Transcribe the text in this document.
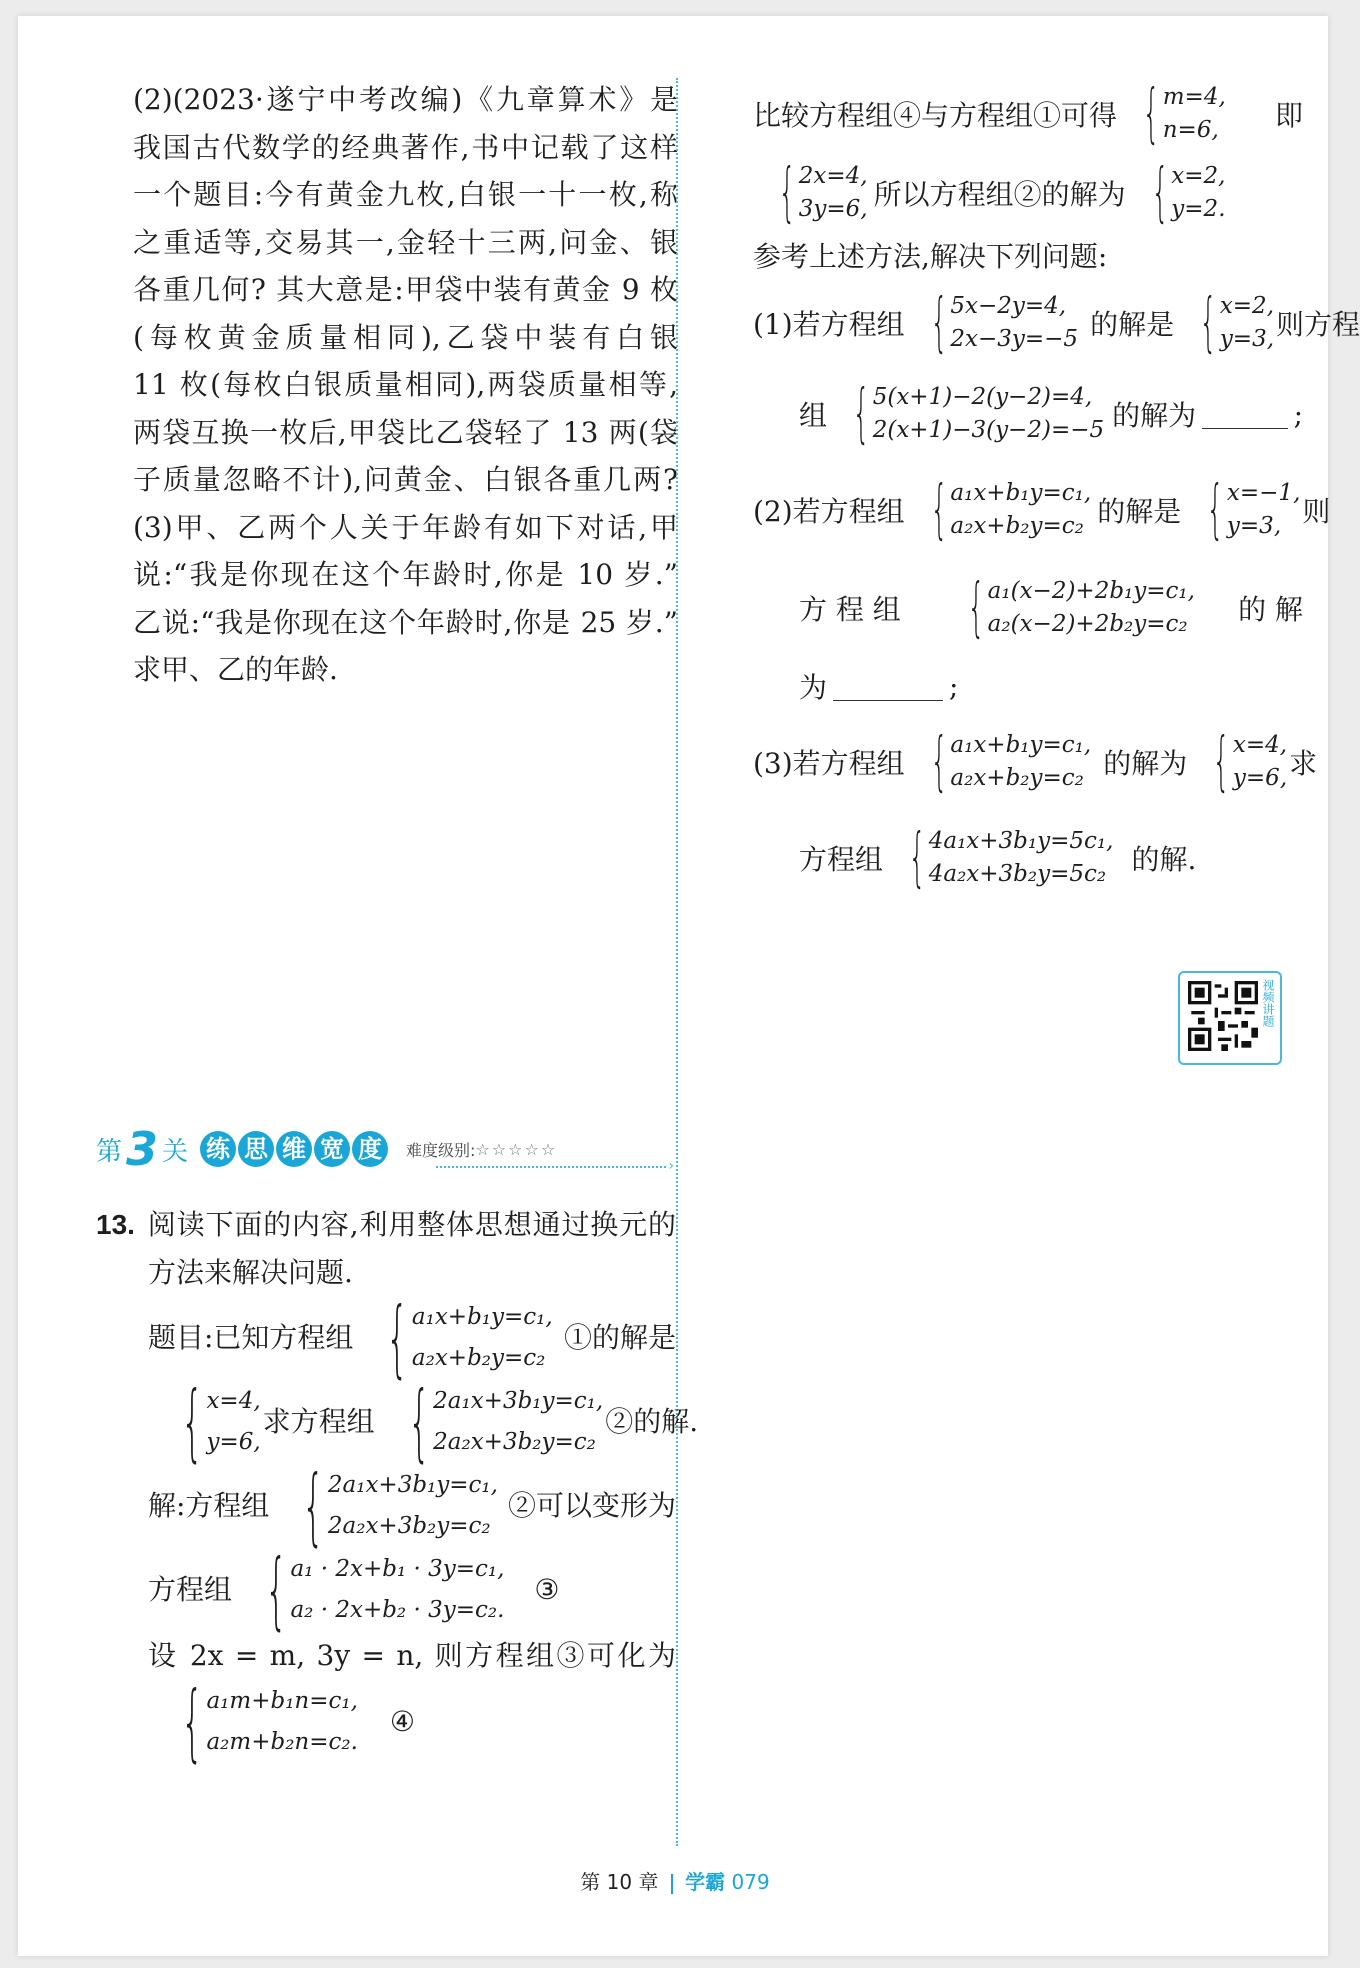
(2)(2023·遂宁中考改编)《九章算术》是

我国古代数学的经典著作,书中记载了这样

一个题目:今有黄金九枚,白银一十一枚,称

之重适等,交易其一,金轻十三两,问金、银

各重几何? 其大意是:甲袋中装有黄金 9 枚

(每枚黄金质量相同),乙袋中装有白银

11 枚(每枚白银质量相同),两袋质量相等,

两袋互换一枚后,甲袋比乙袋轻了 13 两(袋

子质量忽略不计),问黄金、白银各重几两?

(3)甲、乙两个人关于年龄有如下对话,甲

说:“我是你现在这个年龄时,你是 10 岁.”

乙说:“我是你现在这个年龄时,你是 25 岁.”

求甲、乙的年龄.

第 3 关 练 思 维 宽 度	难度级别: ☆☆☆☆☆
›

13. 阅读下面的内容,利用整体思想通过换元的

方法来解决问题.

题目:已知方程组 { a₁x+b₁y=c₁,
a₂x+b₂y=c₂
①的解是
{ x=4,
y=6,
求方程组 { 2a₁x+3b₁y=c₁,
2a₂x+3b₂y=c₂
②的解.
解:方程组 { 2a₁x+3b₁y=c₁,
2a₂x+3b₂y=c₂
②可以变形为
方程组 { a₁ · 2x+b₁ · 3y=c₁,
a₂ · 2x+b₂ · 3y=c₂.
③

设 2x = m, 3y = n, 则方程组③可化为

{ a₁m+b₁n=c₁,
a₂m+b₂n=c₂.
④
比较方程组④与方程组①可得 { m=4,
n=6, 即
{ 2x=4,
3y=6, 所以方程组②的解为 { x=2,
y=2.

参考上述方法,解决下列问题:

(1)若方程组 { 5x−2y=4,
2x−3y=−5 的解是 { x=2,
y=3, 则方程
组 { 5(x+1)−2(y−2)=4,
2(x+1)−3(y−2)=−5 的解为	;
(2)若方程组 { a₁x+b₁y=c₁,
a₂x+b₂y=c₂ 的解是 { x=−1,
y=3, 则
方 程 组 { a₁(x−2)+2b₁y=c₁,
a₂(x−2)+2b₂y=c₂ 的 解
为	;
(3)若方程组 { a₁x+b₁y=c₁,
a₂x+b₂y=c₂ 的解为 { x=4,
y=6, 求
方程组 { 4a₁x+3b₁y=5c₁,
4a₂x+3b₂y=5c₂ 的解.
视频讲题
第 10 章 学霸 079
